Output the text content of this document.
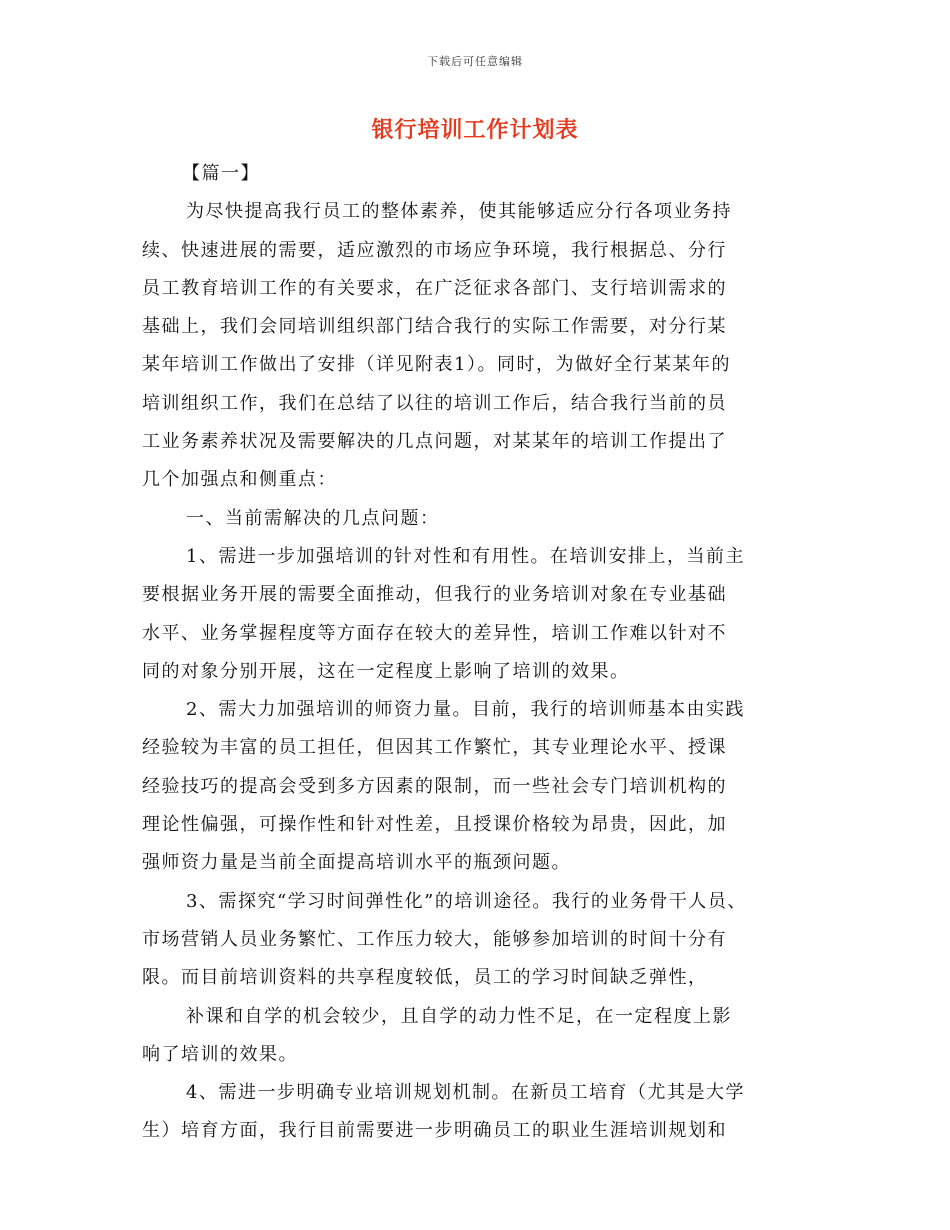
下载后可任意编辑
银行培训工作计划表
【篇一】
为尽快提高我行员工的整体素养，使其能够适应分行各项业务持
续、快速进展的需要，适应激烈的市场应争环境，我行根据总、分行
员工教育培训工作的有关要求，在广泛征求各部门、支行培训需求的
基础上，我们会同培训组织部门结合我行的实际工作需要，对分行某
某年培训工作做出了安排（详见附表1）。同时，为做好全行某某年的
培训组织工作，我们在总结了以往的培训工作后，结合我行当前的员
工业务素养状况及需要解决的几点问题，对某某年的培训工作提出了
几个加强点和侧重点：
一、当前需解决的几点问题：
1、需进一步加强培训的针对性和有用性。在培训安排上，当前主
要根据业务开展的需要全面推动，但我行的业务培训对象在专业基础
水平、业务掌握程度等方面存在较大的差异性，培训工作难以针对不
同的对象分别开展，这在一定程度上影响了培训的效果。
2、需大力加强培训的师资力量。目前，我行的培训师基本由实践
经验较为丰富的员工担任，但因其工作繁忙，其专业理论水平、授课
经验技巧的提高会受到多方因素的限制，而一些社会专门培训机构的
理论性偏强，可操作性和针对性差，且授课价格较为昂贵，因此，加
强师资力量是当前全面提高培训水平的瓶颈问题。
3、需探究“学习时间弹性化”的培训途径。我行的业务骨干人员、
市场营销人员业务繁忙、工作压力较大，能够参加培训的时间十分有
限。而目前培训资料的共享程度较低，员工的学习时间缺乏弹性，
补课和自学的机会较少，且自学的动力性不足，在一定程度上影
响了培训的效果。
4、需进一步明确专业培训规划机制。在新员工培育（尤其是大学
生）培育方面，我行目前需要进一步明确员工的职业生涯培训规划和
